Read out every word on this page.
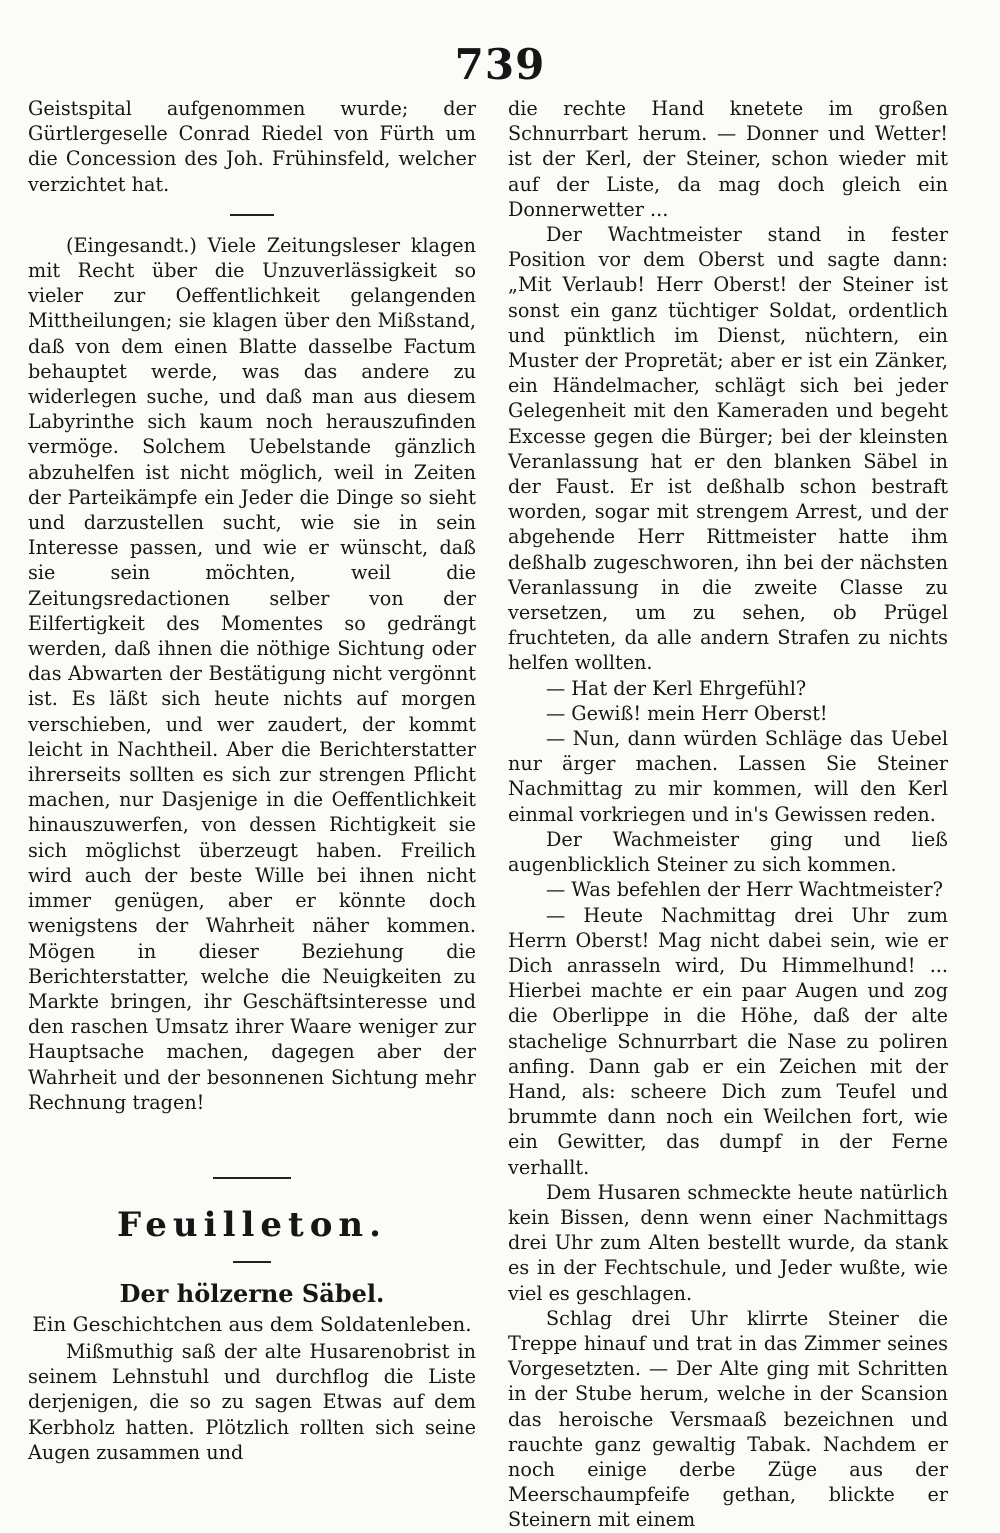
739

Geistspital aufgenommen wurde; der Gürtlergeselle Conrad Riedel von Fürth um die Concession des Joh. Frühinsfeld, welcher verzichtet hat.

(Eingesandt.) Viele Zeitungsleser klagen mit Recht über die Unzuverlässigkeit so vieler zur Oeffentlichkeit gelangenden Mittheilungen; sie klagen über den Mißstand, daß von dem einen Blatte dasselbe Factum behauptet werde, was das andere zu widerlegen suche, und daß man aus diesem Labyrinthe sich kaum noch herauszufinden vermöge. Solchem Uebelstande gänzlich abzuhelfen ist nicht möglich, weil in Zeiten der Parteikämpfe ein Jeder die Dinge so sieht und darzustellen sucht, wie sie in sein Interesse passen, und wie er wünscht, daß sie sein möchten, weil die Zeitungsredactionen selber von der Eilfertigkeit des Momentes so gedrängt werden, daß ihnen die nöthige Sichtung oder das Abwarten der Bestätigung nicht vergönnt ist. Es läßt sich heute nichts auf morgen verschieben, und wer zaudert, der kommt leicht in Nachtheil. Aber die Berichterstatter ihrerseits sollten es sich zur strengen Pflicht machen, nur Dasjenige in die Oeffentlichkeit hinauszuwerfen, von dessen Richtigkeit sie sich möglichst überzeugt haben. Freilich wird auch der beste Wille bei ihnen nicht immer genügen, aber er könnte doch wenigstens der Wahrheit näher kommen. Mögen in dieser Beziehung die Berichterstatter, welche die Neuigkeiten zu Markte bringen, ihr Geschäftsinteresse und den raschen Umsatz ihrer Waare weniger zur Hauptsache machen, dagegen aber der Wahrheit und der besonnenen Sichtung mehr Rechnung tragen!

Feuilleton.

Der hölzerne Säbel.

Ein Geschichtchen aus dem Soldatenleben.

Mißmuthig saß der alte Husarenobrist in seinem Lehnstuhl und durchflog die Liste derjenigen, die so zu sagen Etwas auf dem Kerbholz hatten. Plötzlich rollten sich seine Augen zusammen und

die rechte Hand knetete im großen Schnurrbart herum. — Donner und Wetter! ist der Kerl, der Steiner, schon wieder mit auf der Liste, da mag doch gleich ein Donnerwetter ...

Der Wachtmeister stand in fester Position vor dem Oberst und sagte dann: „Mit Verlaub! Herr Oberst! der Steiner ist sonst ein ganz tüchtiger Soldat, ordentlich und pünktlich im Dienst, nüchtern, ein Muster der Propretät; aber er ist ein Zänker, ein Händelmacher, schlägt sich bei jeder Gelegenheit mit den Kameraden und begeht Excesse gegen die Bürger; bei der kleinsten Veranlassung hat er den blanken Säbel in der Faust. Er ist deßhalb schon bestraft worden, sogar mit strengem Arrest, und der abgehende Herr Rittmeister hatte ihm deßhalb zugeschworen, ihn bei der nächsten Veranlassung in die zweite Classe zu versetzen, um zu sehen, ob Prügel fruchteten, da alle andern Strafen zu nichts helfen wollten.

— Hat der Kerl Ehrgefühl?

— Gewiß! mein Herr Oberst!

— Nun, dann würden Schläge das Uebel nur ärger machen. Lassen Sie Steiner Nachmittag zu mir kommen, will den Kerl einmal vorkriegen und in's Gewissen reden.

Der Wachmeister ging und ließ augenblicklich Steiner zu sich kommen.

— Was befehlen der Herr Wachtmeister?

— Heute Nachmittag drei Uhr zum Herrn Oberst! Mag nicht dabei sein, wie er Dich anrasseln wird, Du Himmelhund! ... Hierbei machte er ein paar Augen und zog die Oberlippe in die Höhe, daß der alte stachelige Schnurrbart die Nase zu poliren anfing. Dann gab er ein Zeichen mit der Hand, als: scheere Dich zum Teufel und brummte dann noch ein Weilchen fort, wie ein Gewitter, das dumpf in der Ferne verhallt.

Dem Husaren schmeckte heute natürlich kein Bissen, denn wenn einer Nachmittags drei Uhr zum Alten bestellt wurde, da stank es in der Fechtschule, und Jeder wußte, wie viel es geschlagen.

Schlag drei Uhr klirrte Steiner die Treppe hinauf und trat in das Zimmer seines Vorgesetzten. — Der Alte ging mit Schritten in der Stube herum, welche in der Scansion das heroische Versmaaß bezeichnen und rauchte ganz gewaltig Tabak. Nachdem er noch einige derbe Züge aus der Meerschaumpfeife gethan, blickte er Steinern mit einem
